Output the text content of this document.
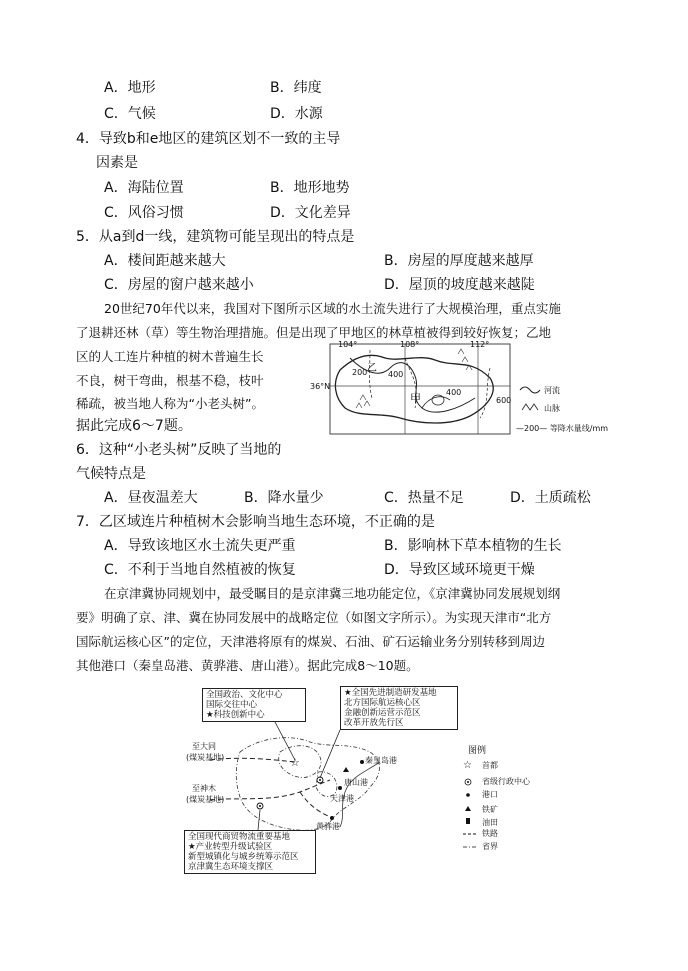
A．地形	B．纬度
C．气候	D．水源
4．导致b和e地区的建筑区划不一致的主导
因素是
A．海陆位置	B．地形地势
C．风俗习惯	D．文化差异
5．从a到d一线，建筑物可能呈现出的特点是
A．楼间距越来越大	B．房屋的厚度越来越厚
C．房屋的窗户越来越小	D．屋顶的坡度越来越陡
20世纪70年代以来，我国对下图所示区域的水土流失进行了大规模治理，重点实施
了退耕还林（草）等生物治理措施。但是出现了甲地区的林草植被得到较好恢复；乙地
区的人工连片种植的树木普遍生长
不良，树干弯曲，根基不稳，枝叶
稀疏，被当地人称为“小老头树”。
据此完成6～7题。
104°	108°	112°
36°N
200	400
400
600
乙
甲
河流
山脉
—200— 等降水量线/mm
6．这种“小老头树”反映了当地的
气候特点是
A．昼夜温差大	B．降水量少	C．热量不足	D．土质疏松
7．乙区域连片种植树木会影响当地生态环境，不正确的是
A．导致该地区水土流失更严重	B．影响林下草本植物的生长
C．不利于当地自然植被的恢复	D．导致区域环境更干燥
在京津冀协同规划中，最受瞩目的是京津冀三地功能定位，《京津冀协同发展规划纲
要》明确了京、津、冀在协同发展中的战略定位（如图文字所示）。为实现天津市“北方
国际航运核心区”的定位，天津港将原有的煤炭、石油、矿石运输业务分别转移到周边
其他港口（秦皇岛港、黄骅港、唐山港）。据此完成8～10题。
☆	☆
全国政治、文化中心
国际交往中心
★科技创新中心
★全国先进制造研发基地
北方国际航运核心区
金融创新运营示范区
改革开放先行区
全国现代商贸物流重要基地
★产业转型升级试验区
新型城镇化与城乡统筹示范区
京津冀生态环境支撑区
至大同
(煤炭基地)
至神木
(煤炭基地)
秦皇岛港
唐山港
天津港
黄骅港
图例
首都
省级行政中心
港口
铁矿
油田
铁路
省界
